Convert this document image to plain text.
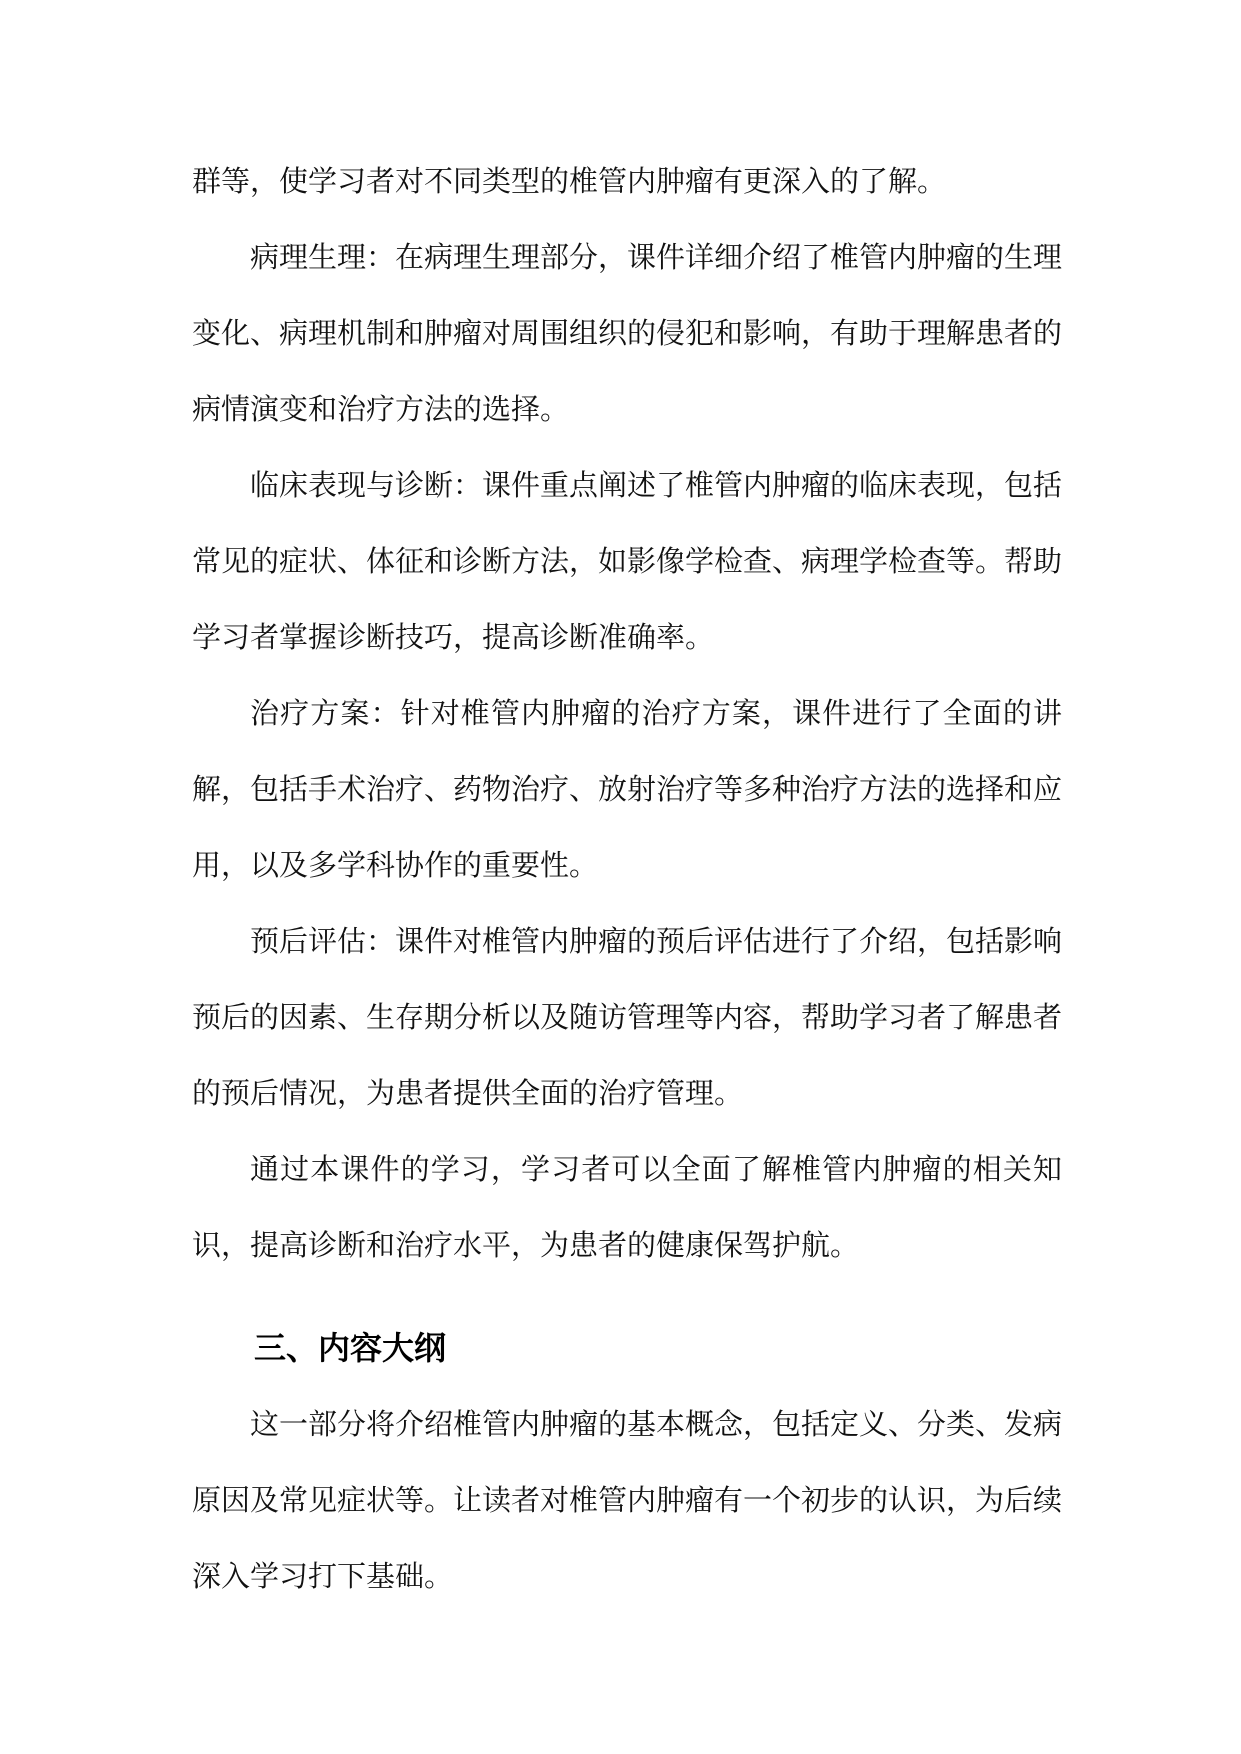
群等，使学习者对不同类型的椎管内肿瘤有更深入的了解。

病理生理：在病理生理部分，课件详细介绍了椎管内肿瘤的生理变化、病理机制和肿瘤对周围组织的侵犯和影响，有助于理解患者的病情演变和治疗方法的选择。

临床表现与诊断：课件重点阐述了椎管内肿瘤的临床表现，包括常见的症状、体征和诊断方法，如影像学检查、病理学检查等。帮助学习者掌握诊断技巧，提高诊断准确率。

治疗方案：针对椎管内肿瘤的治疗方案，课件进行了全面的讲解，包括手术治疗、药物治疗、放射治疗等多种治疗方法的选择和应用，以及多学科协作的重要性。

预后评估：课件对椎管内肿瘤的预后评估进行了介绍，包括影响预后的因素、生存期分析以及随访管理等内容，帮助学习者了解患者的预后情况，为患者提供全面的治疗管理。

通过本课件的学习，学习者可以全面了解椎管内肿瘤的相关知识，提高诊断和治疗水平，为患者的健康保驾护航。

三、内容大纲

这一部分将介绍椎管内肿瘤的基本概念，包括定义、分类、发病原因及常见症状等。让读者对椎管内肿瘤有一个初步的认识，为后续深入学习打下基础。
